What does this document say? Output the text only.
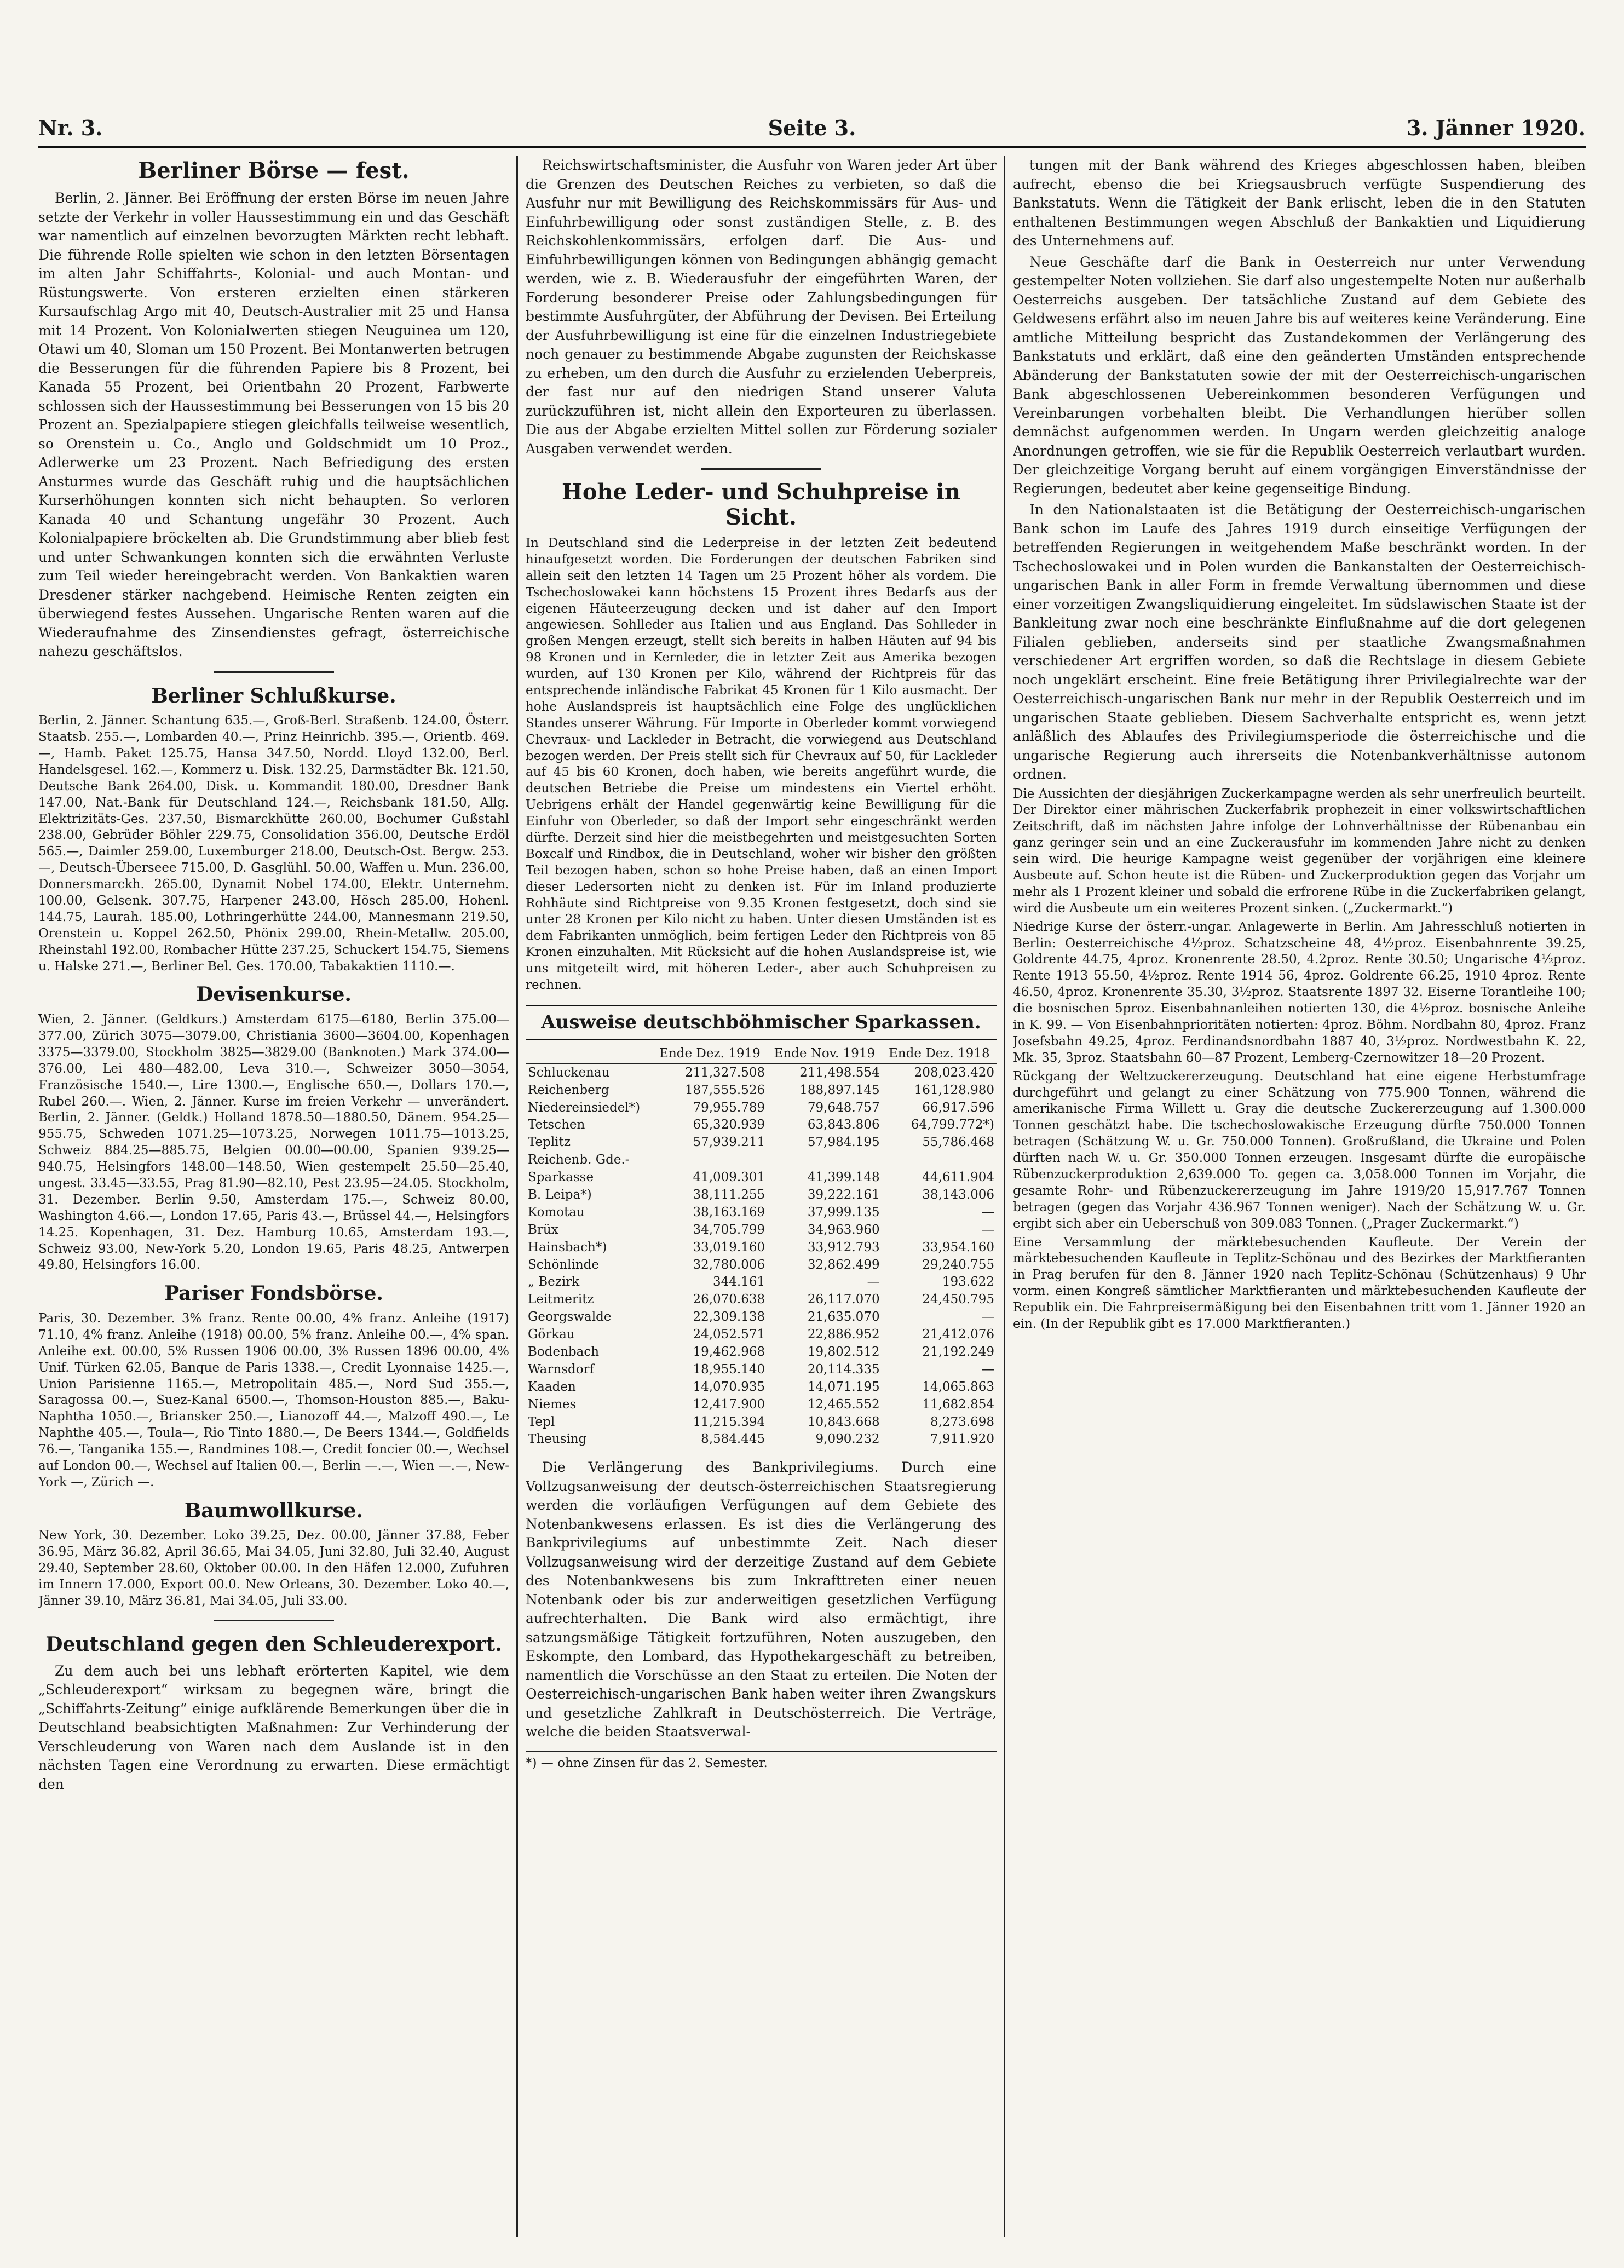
Nr. 3.	Seite 3.	3. Jänner 1920.
Berliner Börse — fest.

Berlin, 2. Jänner. Bei Eröffnung der ersten Börse im neuen Jahre setzte der Verkehr in voller Haussestimmung ein und das Geschäft war namentlich auf einzelnen bevorzugten Märkten recht lebhaft. Die führende Rolle spielten wie schon in den letzten Börsentagen im alten Jahr Schiffahrts-, Kolonial- und auch Montan- und Rüstungswerte. Von ersteren erzielten einen stärkeren Kursaufschlag Argo mit 40, Deutsch-Australier mit 25 und Hansa mit 14 Prozent. Von Kolonialwerten stiegen Neuguinea um 120, Otawi um 40, Sloman um 150 Prozent. Bei Montanwerten betrugen die Besserungen für die führenden Papiere bis 8 Prozent, bei Kanada 55 Prozent, bei Orientbahn 20 Prozent, Farbwerte schlossen sich der Haussestimmung bei Besserungen von 15 bis 20 Prozent an. Spezialpapiere stiegen gleichfalls teilweise wesentlich, so Orenstein u. Co., Anglo und Goldschmidt um 10 Proz., Adlerwerke um 23 Prozent. Nach Befriedigung des ersten Ansturmes wurde das Geschäft ruhig und die hauptsächlichen Kurserhöhungen konnten sich nicht behaupten. So verloren Kanada 40 und Schantung ungefähr 30 Prozent. Auch Kolonialpapiere bröckelten ab. Die Grundstimmung aber blieb fest und unter Schwankungen konnten sich die erwähnten Verluste zum Teil wieder hereingebracht werden. Von Bankaktien waren Dresdener stärker nachgebend. Heimische Renten zeigten ein überwiegend festes Aussehen. Ungarische Renten waren auf die Wiederaufnahme des Zinsendienstes gefragt, österreichische nahezu geschäftslos.

Berliner Schlußkurse.

Berlin, 2. Jänner. Schantung 635.—, Groß-Berl. Straßenb. 124.00, Österr. Staatsb. 255.—, Lombarden 40.—, Prinz Heinrichb. 395.—, Orientb. 469.—, Hamb. Paket 125.75, Hansa 347.50, Nordd. Lloyd 132.00, Berl. Handelsgesel. 162.—, Kommerz u. Disk. 132.25, Darmstädter Bk. 121.50, Deutsche Bank 264.00, Disk. u. Kommandit 180.00, Dresdner Bank 147.00, Nat.-Bank für Deutschland 124.—, Reichsbank 181.50, Allg. Elektrizitäts-Ges. 237.50, Bismarckhütte 260.00, Bochumer Gußstahl 238.00, Gebrüder Böhler 229.75, Consolidation 356.00, Deutsche Erdöl 565.—, Daimler 259.00, Luxemburger 218.00, Deutsch-Ost. Bergw. 253.—, Deutsch-Überseee 715.00, D. Gasglühl. 50.00, Waffen u. Mun. 236.00, Donnersmarckh. 265.00, Dynamit Nobel 174.00, Elektr. Unternehm. 100.00, Gelsenk. 307.75, Harpener 243.00, Hösch 285.00, Hohenl. 144.75, Laurah. 185.00, Lothringerhütte 244.00, Mannesmann 219.50, Orenstein u. Koppel 262.50, Phönix 299.00, Rhein-Metallw. 205.00, Rheinstahl 192.00, Rombacher Hütte 237.25, Schuckert 154.75, Siemens u. Halske 271.—, Berliner Bel. Ges. 170.00, Tabakaktien 1110.—.

Devisenkurse.

Wien, 2. Jänner. (Geldkurs.) Amsterdam 6175—6180, Berlin 375.00—377.00, Zürich 3075—3079.00, Christiania 3600—3604.00, Kopenhagen 3375—3379.00, Stockholm 3825—3829.00 (Banknoten.) Mark 374.00—376.00, Lei 480—482.00, Leva 310.—, Schweizer 3050—3054, Französische 1540.—, Lire 1300.—, Englische 650.—, Dollars 170.—, Rubel 260.—. Wien, 2. Jänner. Kurse im freien Verkehr — unverändert. Berlin, 2. Jänner. (Geldk.) Holland 1878.50—1880.50, Dänem. 954.25—955.75, Schweden 1071.25—1073.25, Norwegen 1011.75—1013.25, Schweiz 884.25—885.75, Belgien 00.00—00.00, Spanien 939.25—940.75, Helsingfors 148.00—148.50, Wien gestempelt 25.50—25.40, ungest. 33.45—33.55, Prag 81.90—82.10, Pest 23.95—24.05. Stockholm, 31. Dezember. Berlin 9.50, Amsterdam 175.—, Schweiz 80.00, Washington 4.66.—, London 17.65, Paris 43.—, Brüssel 44.—, Helsingfors 14.25. Kopenhagen, 31. Dez. Hamburg 10.65, Amsterdam 193.—, Schweiz 93.00, New-York 5.20, London 19.65, Paris 48.25, Antwerpen 49.80, Helsingfors 16.00.

Pariser Fondsbörse.

Paris, 30. Dezember. 3% franz. Rente 00.00, 4% franz. Anleihe (1917) 71.10, 4% franz. Anleihe (1918) 00.00, 5% franz. Anleihe 00.—, 4% span. Anleihe ext. 00.00, 5% Russen 1906 00.00, 3% Russen 1896 00.00, 4% Unif. Türken 62.05, Banque de Paris 1338.—, Credit Lyonnaise 1425.—, Union Parisienne 1165.—, Metropolitain 485.—, Nord Sud 355.—, Saragossa 00.—, Suez-Kanal 6500.—, Thomson-Houston 885.—, Baku-Naphtha 1050.—, Briansker 250.—, Lianozoff 44.—, Malzoff 490.—, Le Naphthe 405.—, Toula—, Rio Tinto 1880.—, De Beers 1344.—, Goldfields 76.—, Tanganika 155.—, Randmines 108.—, Credit foncier 00.—, Wechsel auf London 00.—, Wechsel auf Italien 00.—, Berlin —.—, Wien —.—, New-York —, Zürich —.

Baumwollkurse.

New York, 30. Dezember. Loko 39.25, Dez. 00.00, Jänner 37.88, Feber 36.95, März 36.82, April 36.65, Mai 34.05, Juni 32.80, Juli 32.40, August 29.40, September 28.60, Oktober 00.00. In den Häfen 12.000, Zufuhren im Innern 17.000, Export 00.0. New Orleans, 30. Dezember. Loko 40.—, Jänner 39.10, März 36.81, Mai 34.05, Juli 33.00.

Deutschland gegen den Schleuderexport.

Zu dem auch bei uns lebhaft erörterten Kapitel, wie dem „Schleuderexport“ wirksam zu begegnen wäre, bringt die „Schiffahrts-Zeitung“ einige aufklärende Bemerkungen über die in Deutschland beabsichtigten Maßnahmen: Zur Verhinderung der Verschleuderung von Waren nach dem Auslande ist in den nächsten Tagen eine Verordnung zu erwarten. Diese ermächtigt den

Reichswirtschaftsminister, die Ausfuhr von Waren jeder Art über die Grenzen des Deutschen Reiches zu verbieten, so daß die Ausfuhr nur mit Bewilligung des Reichskommissärs für Aus- und Einfuhrbewilligung oder sonst zuständigen Stelle, z. B. des Reichskohlenkommissärs, erfolgen darf. Die Aus- und Einfuhrbewilligungen können von Bedingungen abhängig gemacht werden, wie z. B. Wiederausfuhr der eingeführten Waren, der Forderung besonderer Preise oder Zahlungsbedingungen für bestimmte Ausfuhrgüter, der Abführung der Devisen. Bei Erteilung der Ausfuhrbewilligung ist eine für die einzelnen Industriegebiete noch genauer zu bestimmende Abgabe zugunsten der Reichskasse zu erheben, um den durch die Ausfuhr zu erzielenden Ueberpreis, der fast nur auf den niedrigen Stand unserer Valuta zurückzuführen ist, nicht allein den Exporteuren zu überlassen. Die aus der Abgabe erzielten Mittel sollen zur Förderung sozialer Ausgaben verwendet werden.

Hohe Leder- und Schuhpreise in Sicht.

In Deutschland sind die Lederpreise in der letzten Zeit bedeutend hinaufgesetzt worden. Die Forderungen der deutschen Fabriken sind allein seit den letzten 14 Tagen um 25 Prozent höher als vordem. Die Tschechoslowakei kann höchstens 15 Prozent ihres Bedarfs aus der eigenen Häuteerzeugung decken und ist daher auf den Import angewiesen. Sohlleder aus Italien und aus England. Das Sohlleder in großen Mengen erzeugt, stellt sich bereits in halben Häuten auf 94 bis 98 Kronen und in Kernleder, die in letzter Zeit aus Amerika bezogen wurden, auf 130 Kronen per Kilo, während der Richtpreis für das entsprechende inländische Fabrikat 45 Kronen für 1 Kilo ausmacht. Der hohe Auslandspreis ist hauptsächlich eine Folge des unglücklichen Standes unserer Währung. Für Importe in Oberleder kommt vorwiegend Chevraux- und Lackleder in Betracht, die vorwiegend aus Deutschland bezogen werden. Der Preis stellt sich für Chevraux auf 50, für Lackleder auf 45 bis 60 Kronen, doch haben, wie bereits angeführt wurde, die deutschen Betriebe die Preise um mindestens ein Viertel erhöht. Uebrigens erhält der Handel gegenwärtig keine Bewilligung für die Einfuhr von Oberleder, so daß der Import sehr eingeschränkt werden dürfte. Derzeit sind hier die meistbegehrten und meistgesuchten Sorten Boxcalf und Rindbox, die in Deutschland, woher wir bisher den größten Teil bezogen haben, schon so hohe Preise haben, daß an einen Import dieser Ledersorten nicht zu denken ist. Für im Inland produzierte Rohhäute sind Richtpreise von 9.35 Kronen festgesetzt, doch sind sie unter 28 Kronen per Kilo nicht zu haben. Unter diesen Umständen ist es dem Fabrikanten unmöglich, beim fertigen Leder den Richtpreis von 85 Kronen einzuhalten. Mit Rücksicht auf die hohen Auslandspreise ist, wie uns mitgeteilt wird, mit höheren Leder-, aber auch Schuhpreisen zu rechnen.

Ausweise deutschböhmischer Sparkassen.
	Ende Dez. 1919	Ende Nov. 1919	Ende Dez. 1918
Schluckenau	211,327.508	211,498.554	208,023.420
Reichenberg	187,555.526	188,897.145	161,128.980
Niedereinsiedel*)	79,955.789	79,648.757	66,917.596
Tetschen	65,320.939	63,843.806	64,799.772*)
Teplitz	57,939.211	57,984.195	55,786.468
Reichenb. Gde.-			
Sparkasse	41,009.301	41,399.148	44,611.904
B. Leipa*)	38,111.255	39,222.161	38,143.006
Komotau	38,163.169	37,999.135	—
Brüx	34,705.799	34,963.960	—
Hainsbach*)	33,019.160	33,912.793	33,954.160
Schönlinde	32,780.006	32,862.499	29,240.755
„ Bezirk	344.161	—	193.622
Leitmeritz	26,070.638	26,117.070	24,450.795
Georgswalde	22,309.138	21,635.070	—
Görkau	24,052.571	22,886.952	21,412.076
Bodenbach	19,462.968	19,802.512	21,192.249
Warnsdorf	18,955.140	20,114.335	—
Kaaden	14,070.935	14,071.195	14,065.863
Niemes	12,417.900	12,465.552	11,682.854
Tepl	11,215.394	10,843.668	8,273.698
Theusing	8,584.445	9,090.232	7,911.920

Die Verlängerung des Bankprivilegiums. Durch eine Vollzugsanweisung der deutsch-österreichischen Staatsregierung werden die vorläufigen Verfügungen auf dem Gebiete des Notenbankwesens erlassen. Es ist dies die Verlängerung des Bankprivilegiums auf unbestimmte Zeit. Nach dieser Vollzugsanweisung wird der derzeitige Zustand auf dem Gebiete des Notenbankwesens bis zum Inkrafttreten einer neuen Notenbank oder bis zur anderweitigen gesetzlichen Verfügung aufrechterhalten. Die Bank wird also ermächtigt, ihre satzungsmäßige Tätigkeit fortzuführen, Noten auszugeben, den Eskompte, den Lombard, das Hypothekargeschäft zu betreiben, namentlich die Vorschüsse an den Staat zu erteilen. Die Noten der Oesterreichisch-ungarischen Bank haben weiter ihren Zwangskurs und gesetzliche Zahlkraft in Deutschösterreich. Die Verträge, welche die beiden Staatsverwal-

*) — ohne Zinsen für das 2. Semester.

tungen mit der Bank während des Krieges abgeschlossen haben, bleiben aufrecht, ebenso die bei Kriegsausbruch verfügte Suspendierung des Bankstatuts. Wenn die Tätigkeit der Bank erlischt, leben die in den Statuten enthaltenen Bestimmungen wegen Abschluß der Bankaktien und Liquidierung des Unternehmens auf.

Neue Geschäfte darf die Bank in Oesterreich nur unter Verwendung gestempelter Noten vollziehen. Sie darf also ungestempelte Noten nur außerhalb Oesterreichs ausgeben. Der tatsächliche Zustand auf dem Gebiete des Geldwesens erfährt also im neuen Jahre bis auf weiteres keine Veränderung. Eine amtliche Mitteilung bespricht das Zustandekommen der Verlängerung des Bankstatuts und erklärt, daß eine den geänderten Umständen entsprechende Abänderung der Bankstatuten sowie der mit der Oesterreichisch-ungarischen Bank abgeschlossenen Uebereinkommen besonderen Verfügungen und Vereinbarungen vorbehalten bleibt. Die Verhandlungen hierüber sollen demnächst aufgenommen werden. In Ungarn werden gleichzeitig analoge Anordnungen getroffen, wie sie für die Republik Oesterreich verlautbart wurden. Der gleichzeitige Vorgang beruht auf einem vorgängigen Einverständnisse der Regierungen, bedeutet aber keine gegenseitige Bindung.

In den Nationalstaaten ist die Betätigung der Oesterreichisch-ungarischen Bank schon im Laufe des Jahres 1919 durch einseitige Verfügungen der betreffenden Regierungen in weitgehendem Maße beschränkt worden. In der Tschechoslowakei und in Polen wurden die Bankanstalten der Oesterreichisch-ungarischen Bank in aller Form in fremde Verwaltung übernommen und diese einer vorzeitigen Zwangsliquidierung eingeleitet. Im südslawischen Staate ist der Bankleitung zwar noch eine beschränkte Einflußnahme auf die dort gelegenen Filialen geblieben, anderseits sind per staatliche Zwangsmaßnahmen verschiedener Art ergriffen worden, so daß die Rechtslage in diesem Gebiete noch ungeklärt erscheint. Eine freie Betätigung ihrer Privilegialrechte war der Oesterreichisch-ungarischen Bank nur mehr in der Republik Oesterreich und im ungarischen Staate geblieben. Diesem Sachverhalte entspricht es, wenn jetzt anläßlich des Ablaufes des Privilegiumsperiode die österreichische und die ungarische Regierung auch ihrerseits die Notenbankverhältnisse autonom ordnen.

Die Aussichten der diesjährigen Zuckerkampagne werden als sehr unerfreulich beurteilt. Der Direktor einer mährischen Zuckerfabrik prophezeit in einer volkswirtschaftlichen Zeitschrift, daß im nächsten Jahre infolge der Lohnverhältnisse der Rübenanbau ein ganz geringer sein und an eine Zuckerausfuhr im kommenden Jahre nicht zu denken sein wird. Die heurige Kampagne weist gegenüber der vorjährigen eine kleinere Ausbeute auf. Schon heute ist die Rüben- und Zuckerproduktion gegen das Vorjahr um mehr als 1 Prozent kleiner und sobald die erfrorene Rübe in die Zuckerfabriken gelangt, wird die Ausbeute um ein weiteres Prozent sinken. („Zuckermarkt.“)

Niedrige Kurse der österr.-ungar. Anlagewerte in Berlin. Am Jahresschluß notierten in Berlin: Oesterreichische 4½proz. Schatzscheine 48, 4½proz. Eisenbahnrente 39.25, Goldrente 44.75, 4proz. Kronenrente 28.50, 4.2proz. Rente 30.50; Ungarische 4½proz. Rente 1913 55.50, 4½proz. Rente 1914 56, 4proz. Goldrente 66.25, 1910 4proz. Rente 46.50, 4proz. Kronenrente 35.30, 3½proz. Staatsrente 1897 32. Eiserne Torantleihe 100; die bosnischen 5proz. Eisenbahnanleihen notierten 130, die 4½proz. bosnische Anleihe in K. 99. — Von Eisenbahnprioritäten notierten: 4proz. Böhm. Nordbahn 80, 4proz. Franz Josefsbahn 49.25, 4proz. Ferdinandsnordbahn 1887 40, 3½proz. Nordwestbahn K. 22, Mk. 35, 3proz. Staatsbahn 60—87 Prozent, Lemberg-Czernowitzer 18—20 Prozent.

Rückgang der Weltzuckererzeugung. Deutschland hat eine eigene Herbstumfrage durchgeführt und gelangt zu einer Schätzung von 775.900 Tonnen, während die amerikanische Firma Willett u. Gray die deutsche Zuckererzeugung auf 1.300.000 Tonnen geschätzt habe. Die tschechoslowakische Erzeugung dürfte 750.000 Tonnen betragen (Schätzung W. u. Gr. 750.000 Tonnen). Großrußland, die Ukraine und Polen dürften nach W. u. Gr. 350.000 Tonnen erzeugen. Insgesamt dürfte die europäische Rübenzuckerproduktion 2,639.000 To. gegen ca. 3,058.000 Tonnen im Vorjahr, die gesamte Rohr- und Rübenzuckererzeugung im Jahre 1919/20 15,917.767 Tonnen betragen (gegen das Vorjahr 436.967 Tonnen weniger). Nach der Schätzung W. u. Gr. ergibt sich aber ein Ueberschuß von 309.083 Tonnen. („Prager Zuckermarkt.“)

Eine Versammlung der märktebesuchenden Kaufleute. Der Verein der märktebesuchenden Kaufleute in Teplitz-Schönau und des Bezirkes der Marktfieranten in Prag berufen für den 8. Jänner 1920 nach Teplitz-Schönau (Schützenhaus) 9 Uhr vorm. einen Kongreß sämtlicher Marktfieranten und märktebesuchenden Kaufleute der Republik ein. Die Fahrpreisermäßigung bei den Eisenbahnen tritt vom 1. Jänner 1920 an ein. (In der Republik gibt es 17.000 Marktfieranten.)
